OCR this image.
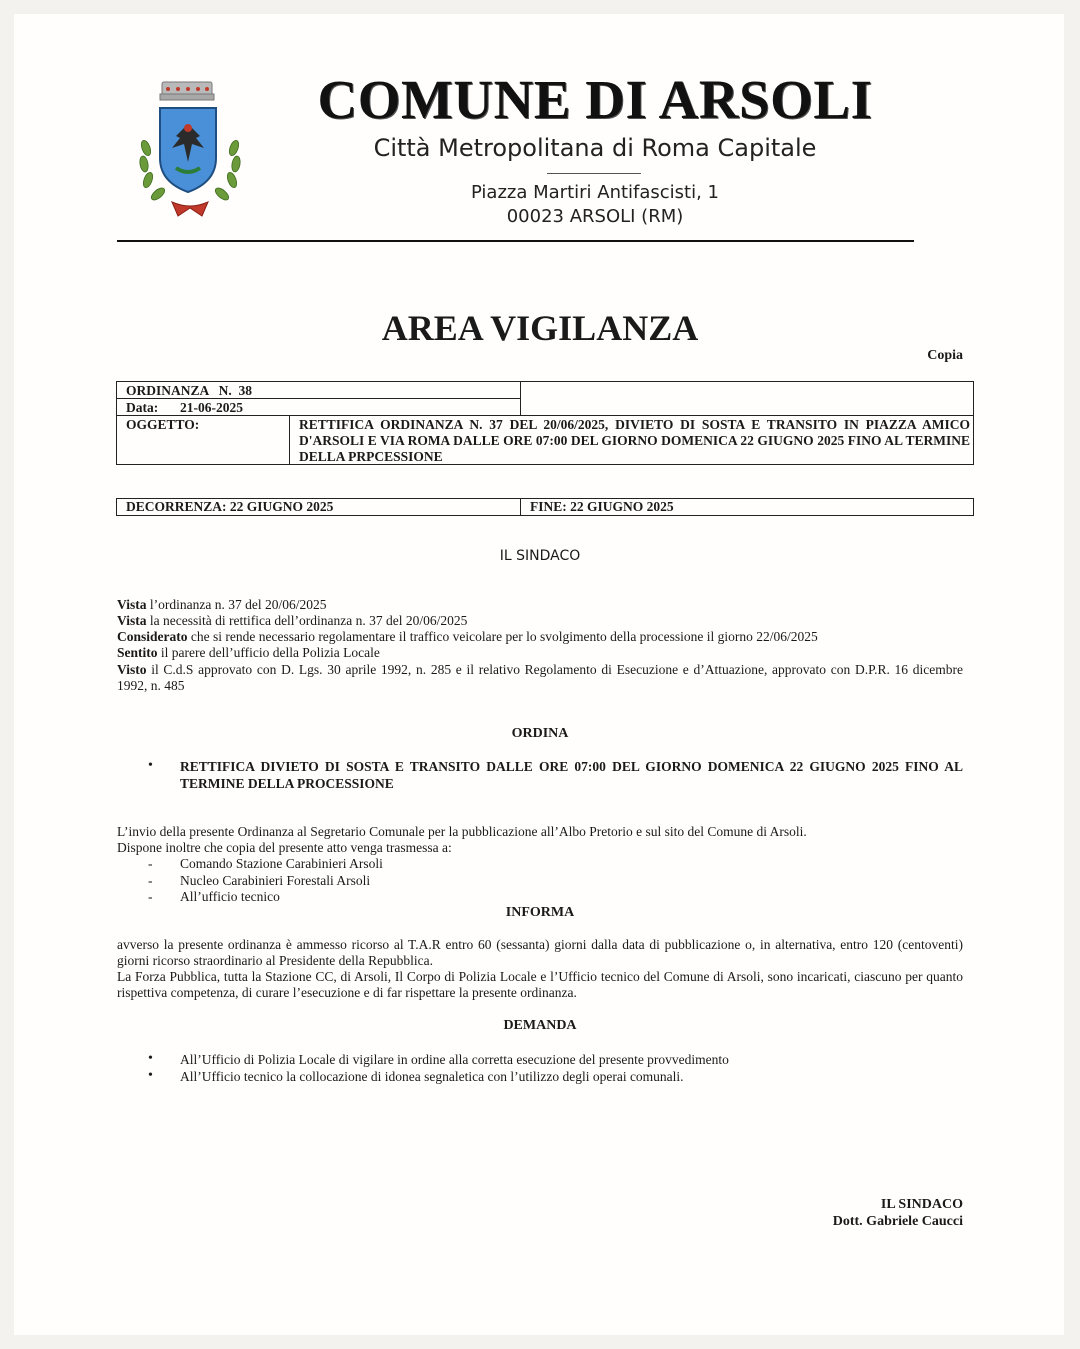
COMUNE DI ARSOLI
Città Metropolitana di Roma Capitale
Piazza Martiri Antifascisti, 1
00023 ARSOLI (RM)
AREA VIGILANZA
Copia
ORDINANZA   N.  38
Data:	21-06-2025
OGGETTO:	RETTIFICA ORDINANZA N. 37 DEL 20/06/2025, DIVIETO DI SOSTA E TRANSITO IN PIAZZA AMICO D'ARSOLI E VIA ROMA DALLE ORE 07:00 DEL GIORNO DOMENICA 22 GIUGNO 2025 FINO AL TERMINE DELLA PRPCESSIONE
DECORRENZA: 22 GIUGNO 2025	FINE: 22 GIUGNO 2025
IL SINDACO
Vista l’ordinanza n. 37 del 20/06/2025
Vista la necessità di rettifica dell’ordinanza n. 37 del 20/06/2025
Considerato che si rende necessario regolamentare il traffico veicolare per lo svolgimento della processione il giorno 22/06/2025
Sentito il parere dell’ufficio della Polizia Locale
Visto il C.d.S approvato con D. Lgs. 30 aprile 1992, n. 285 e il relativo Regolamento di Esecuzione e d’Attuazione, approvato con D.P.R. 16 dicembre 1992, n. 485
ORDINA
• RETTIFICA DIVIETO DI SOSTA E TRANSITO DALLE ORE 07:00 DEL GIORNO DOMENICA 22 GIUGNO 2025 FINO AL TERMINE DELLA PROCESSIONE
L’invio della presente Ordinanza al Segretario Comunale per la pubblicazione all’Albo Pretorio e sul sito del Comune di Arsoli.
Dispone inoltre che copia del presente atto venga trasmessa a:
- Comando Stazione Carabinieri Arsoli
- Nucleo Carabinieri Forestali Arsoli
- All’ufficio tecnico
INFORMA
avverso la presente ordinanza è ammesso ricorso al T.A.R entro 60 (sessanta) giorni dalla data di pubblicazione o, in alternativa, entro 120 (centoventi) giorni ricorso straordinario al Presidente della Repubblica.
La Forza Pubblica, tutta la Stazione CC, di Arsoli, Il Corpo di Polizia Locale e l’Ufficio tecnico del Comune di Arsoli, sono incaricati, ciascuno per quanto rispettiva competenza, di curare l’esecuzione e di far rispettare la presente ordinanza.
DEMANDA
• All’Ufficio di Polizia Locale di vigilare in ordine alla corretta esecuzione del presente provvedimento
• All’Ufficio tecnico la collocazione di idonea segnaletica con l’utilizzo degli operai comunali.
IL SINDACO
Dott. Gabriele Caucci
